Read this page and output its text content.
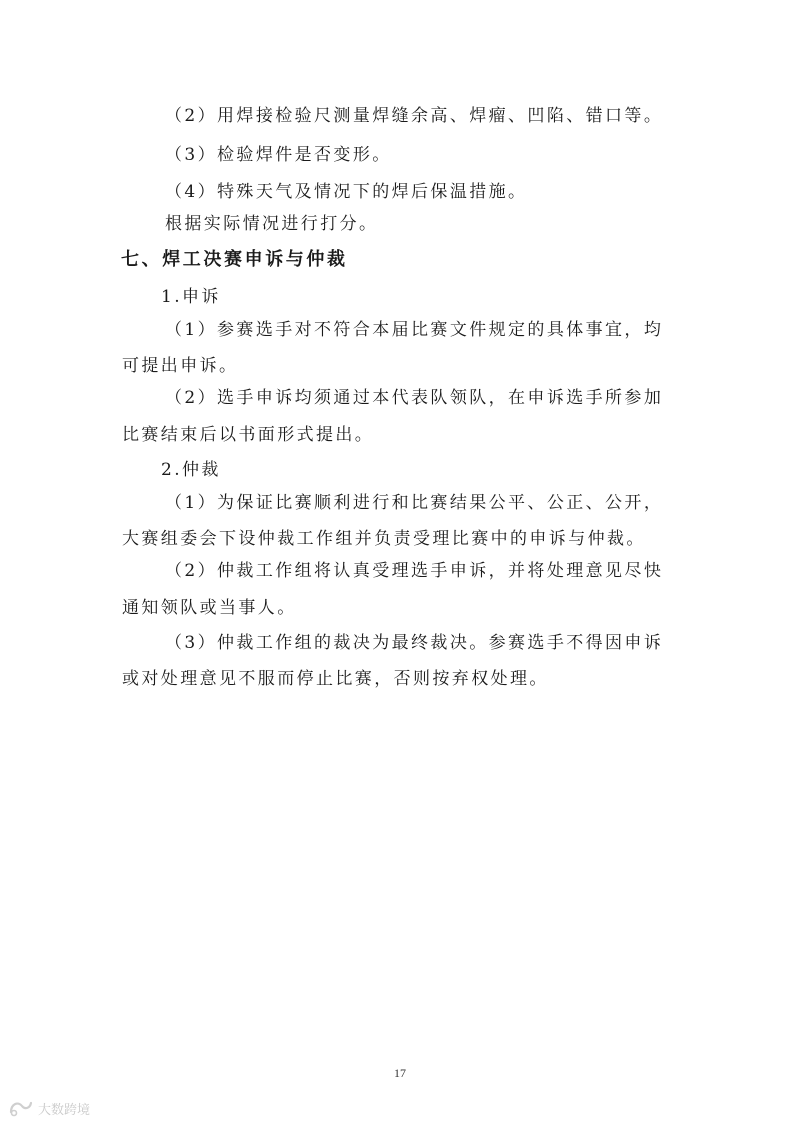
（2）用焊接检验尺测量焊缝余高、焊瘤、凹陷、错口等。
（3）检验焊件是否变形。
（4）特殊天气及情况下的焊后保温措施。
根据实际情况进行打分。
七、焊工决赛申诉与仲裁
1.申诉
（1）参赛选手对不符合本届比赛文件规定的具体事宜，均
可提出申诉。
（2）选手申诉均须通过本代表队领队，在申诉选手所参加
比赛结束后以书面形式提出。
2.仲裁
（1）为保证比赛顺利进行和比赛结果公平、公正、公开，
大赛组委会下设仲裁工作组并负责受理比赛中的申诉与仲裁。
（2）仲裁工作组将认真受理选手申诉，并将处理意见尽快
通知领队或当事人。
（3）仲裁工作组的裁决为最终裁决。参赛选手不得因申诉
或对处理意见不服而停止比赛，否则按弃权处理。
17
大数跨境
